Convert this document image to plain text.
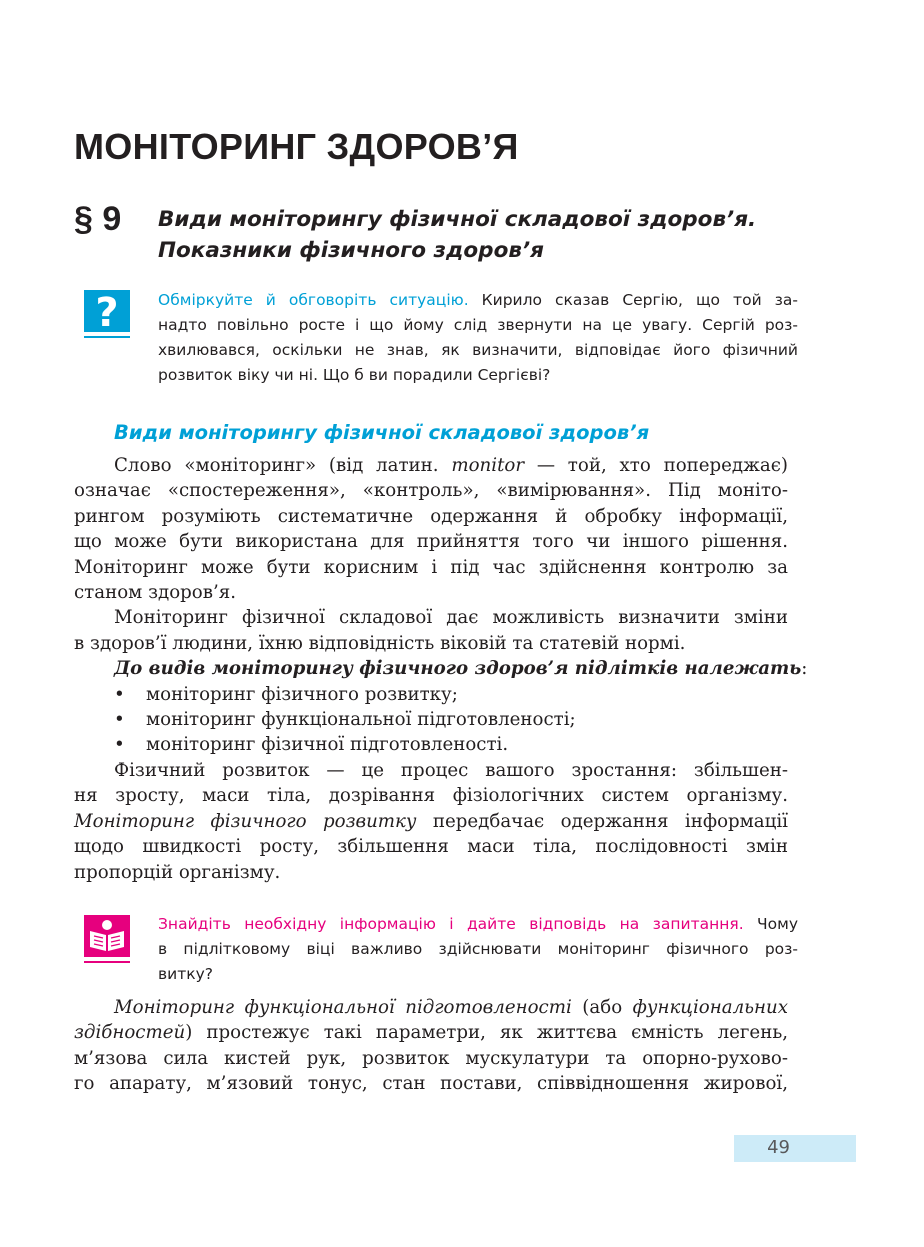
МОНІТОРИНГ ЗДОРОВ’Я
§ 9 Види моніторингу фізичної складової здоров’я.
Показники фізичного здоров’я
?	Обміркуйте й обговоріть ситуацію. Кирило сказав Сергію, що той за-
надто повільно росте і що йому слід звернути на це увагу. Сергій роз-
хвилювався, оскільки не знав, як визначити, відповідає його фізичний
розвиток віку чи ні. Що б ви порадили Сергієві?
Види моніторингу фізичної складової здоров’я
Слово «моніторинг» (від латин. monitor — той, хто попереджає)
означає «спостереження», «контроль», «вимірювання». Під моніто-
рингом розуміють систематичне одержання й обробку інформації,
що може бути використана для прийняття того чи іншого рішення.
Моніторинг може бути корисним і під час здійснення контролю за
станом здоров’я.
Моніторинг фізичної складової дає можливість визначити зміни
в здоров’ї людини, їхню відповідність віковій та статевій нормі.
До видів моніторингу фізичного здоров’я підлітків належать:
•	моніторинг фізичного розвитку;
•	моніторинг функціональної підготовленості;
•	моніторинг фізичної підготовленості.
Фізичний розвиток — це процес вашого зростання: збільшен-
ня зросту, маси тіла, дозрівання фізіологічних систем організму.
Моніторинг фізичного розвитку передбачає одержання інформації
щодо швидкості росту, збільшення маси тіла, послідовності змін
пропорцій організму.
Знайдіть необхідну інформацію і дайте відповідь на запитання. Чому
в підлітковому віці важливо здійснювати моніторинг фізичного роз-
витку?
Моніторинг функціональної підготовленості (або функціональних
здібностей) простежує такі параметри, як життєва ємність легень,
м’язова сила кистей рук, розвиток мускулатури та опорно-рухово-
го апарату, м’язовий тонус, стан постави, співвідношення жирової,
49
